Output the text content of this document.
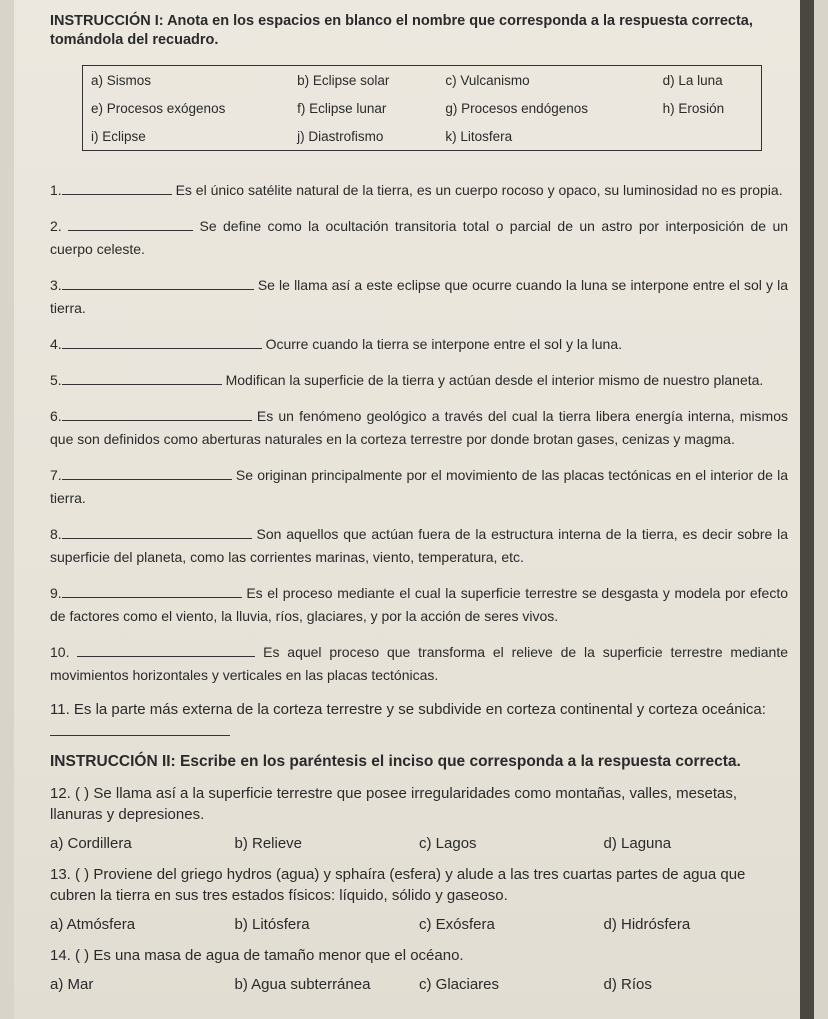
INSTRUCCIÓN I: Anota en los espacios en blanco el nombre que corresponda a la respuesta correcta, tomándola del recuadro.

a) Sismos	b) Eclipse solar	c) Vulcanismo	d) La luna
e) Procesos exógenos	f) Eclipse lunar	g) Procesos endógenos	h) Erosión
i) Eclipse	j) Diastrofismo	k) Litosfera	
1.	Es el único satélite natural de la tierra, es un cuerpo rocoso y opaco, su luminosidad no es propia.
2.	Se define como la ocultación transitoria total o parcial de un astro por interposición de un cuerpo celeste.
3.	Se le llama así a este eclipse que ocurre cuando la luna se interpone entre el sol y la tierra.
4.	Ocurre cuando la tierra se interpone entre el sol y la luna.
5.	Modifican la superficie de la tierra y actúan desde el interior mismo de nuestro planeta.
6.	Es un fenómeno geológico a través del cual la tierra libera energía interna, mismos que son definidos como aberturas naturales en la corteza terrestre por donde brotan gases, cenizas y magma.
7.	Se originan principalmente por el movimiento de las placas tectónicas en el interior de la tierra.
8.	Son aquellos que actúan fuera de la estructura interna de la tierra, es decir sobre la superficie del planeta, como las corrientes marinas, viento, temperatura, etc.
9.	Es el proceso mediante el cual la superficie terrestre se desgasta y modela por efecto de factores como el viento, la lluvia, ríos, glaciares, y por la acción de seres vivos.
10.	Es aquel proceso que transforma el relieve de la superficie terrestre mediante movimientos horizontales y verticales en las placas tectónicas.
11. Es la parte más externa de la corteza terrestre y se subdivide en corteza continental y corteza oceánica:
INSTRUCCIÓN II: Escribe en los paréntesis el inciso que corresponda a la respuesta correcta.
12. ( ) Se llama así a la superficie terrestre que posee irregularidades como montañas, valles, mesetas, llanuras y depresiones.
a) Cordillera	b) Relieve	c) Lagos	d) Laguna
13. ( ) Proviene del griego hydros (agua) y sphaíra (esfera) y alude a las tres cuartas partes de agua que cubren la tierra en sus tres estados físicos: líquido, sólido y gaseoso.
a) Atmósfera	b) Litósfera	c) Exósfera	d) Hidrósfera
14. ( ) Es una masa de agua de tamaño menor que el océano.
a) Mar	b) Agua subterránea	c) Glaciares	d) Ríos
